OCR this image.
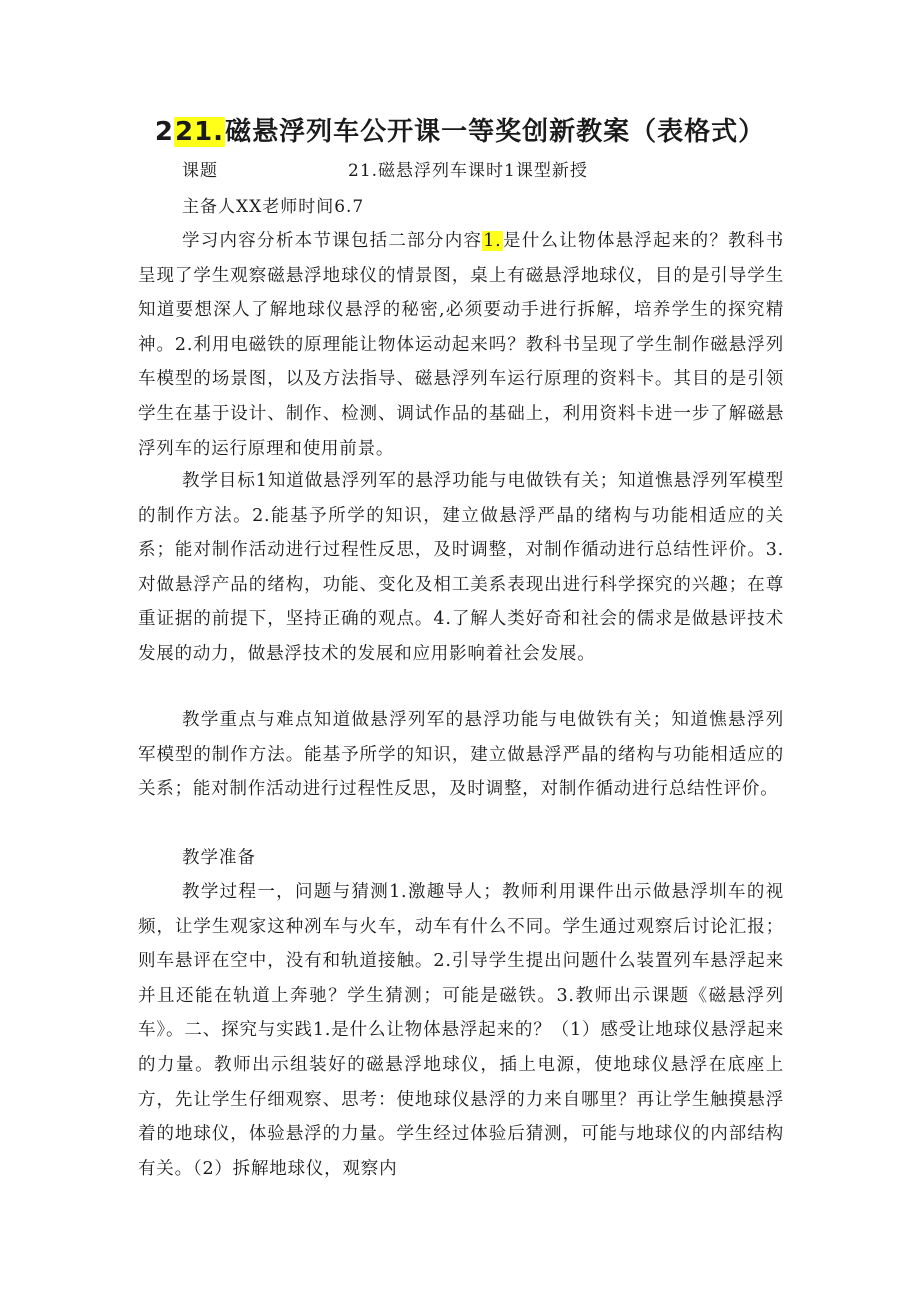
221.磁悬浮列车公开课一等奖创新教案（表格式）
课题	21.磁悬浮列车课时1课型新授
主备人XX老师时间6.7

学习内容分析本节课包括二部分内容1.是什么让物体悬浮起来的？教科书呈现了学生观察磁悬浮地球仪的情景图，桌上有磁悬浮地球仪，目的是引导学生知道要想深人了解地球仪悬浮的秘密,必须要动手进行拆解，培养学生的探究精神。2.利用电磁铁的原理能让物体运动起来吗？教科书呈现了学生制作磁悬浮列车模型的场景图，以及方法指导、磁悬浮列车运行原理的资料卡。其目的是引领学生在基于设计、制作、检测、调试作品的基础上，利用资料卡进一步了解磁悬浮列车的运行原理和使用前景。

教学目标1知道做悬浮列军的悬浮功能与电做铁有关；知道憔悬浮列军模型的制作方法。2.能基予所学的知识，建立做悬浮严晶的绪构与功能相适应的关系；能对制作活动进行过程性反思，及时调整，对制作循动进行总结性评价。3.对做悬浮产品的绪构，功能、变化及相工美系表现出进行科学探究的兴趣；在尊重证据的前提下，坚持正确的观点。4.了解人类好奇和社会的儒求是做悬评技术发展的动力，做悬浮技术的发展和应用影响着社会发展。

教学重点与难点知道做悬浮列军的悬浮功能与电做铁有关；知道憔悬浮列军模型的制作方法。能基予所学的知识，建立做悬浮严晶的绪构与功能相适应的关系；能对制作活动进行过程性反思，及时调整，对制作循动进行总结性评价。

教学准备

教学过程一，问题与猜测1.激趣导人；教师利用课件出示做悬浮圳车的视频，让学生观家这种冽车与火车，动车有什么不同。学生通过观察后讨论汇报；则车悬评在空中，没有和轨道接触。2.引导学生提出问题什么装置列车悬浮起来并且还能在轨道上奔驰？学生猜测；可能是磁铁。3.教师出示课题《磁悬浮列车》。二、探究与实践1.是什么让物体悬浮起来的？（1）感受让地球仪悬浮起来的力量。教师出示组装好的磁悬浮地球仪，插上电源，使地球仪悬浮在底座上方，先让学生仔细观察、思考：使地球仪悬浮的力来自哪里？再让学生触摸悬浮着的地球仪，体验悬浮的力量。学生经过体验后猜测，可能与地球仪的内部结构有关。（2）拆解地球仪，观察内
